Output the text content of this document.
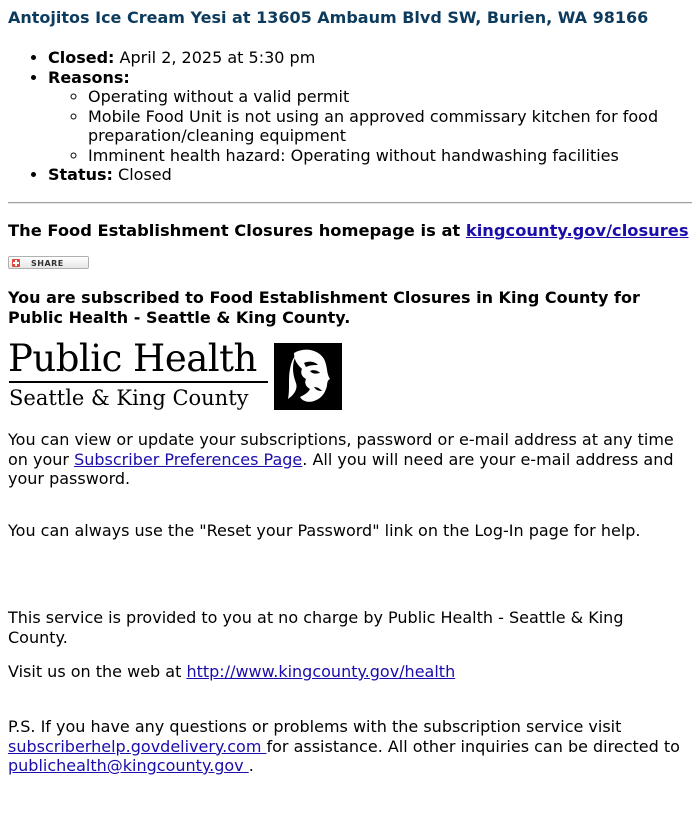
Antojitos Ice Cream Yesi at 13605 Ambaum Blvd SW, Burien, WA 98166
• Closed: April 2, 2025 at 5:30 pm
• Reasons:
◦ Operating without a valid permit
◦ Mobile Food Unit is not using an approved commissary kitchen for food preparation/cleaning equipment
◦ Imminent health hazard: Operating without handwashing facilities
• Status: Closed
The Food Establishment Closures homepage is at kingcounty.gov/closures
SHARE
You are subscribed to Food Establishment Closures in King County for Public Health - Seattle & King County.
Public Health
Seattle & King County
You can view or update your subscriptions, password or e-mail address at any time on your Subscriber Preferences Page. All you will need are your e-mail address and your password.
You can always use the "Reset your Password" link on the Log-In page for help.
This service is provided to you at no charge by Public Health - Seattle & King County.
Visit us on the web at http://www.kingcounty.gov/health
P.S. If you have any questions or problems with the subscription service visit subscriberhelp.govdelivery.com for assistance. All other inquiries can be directed to publichealth@kingcounty.gov .
